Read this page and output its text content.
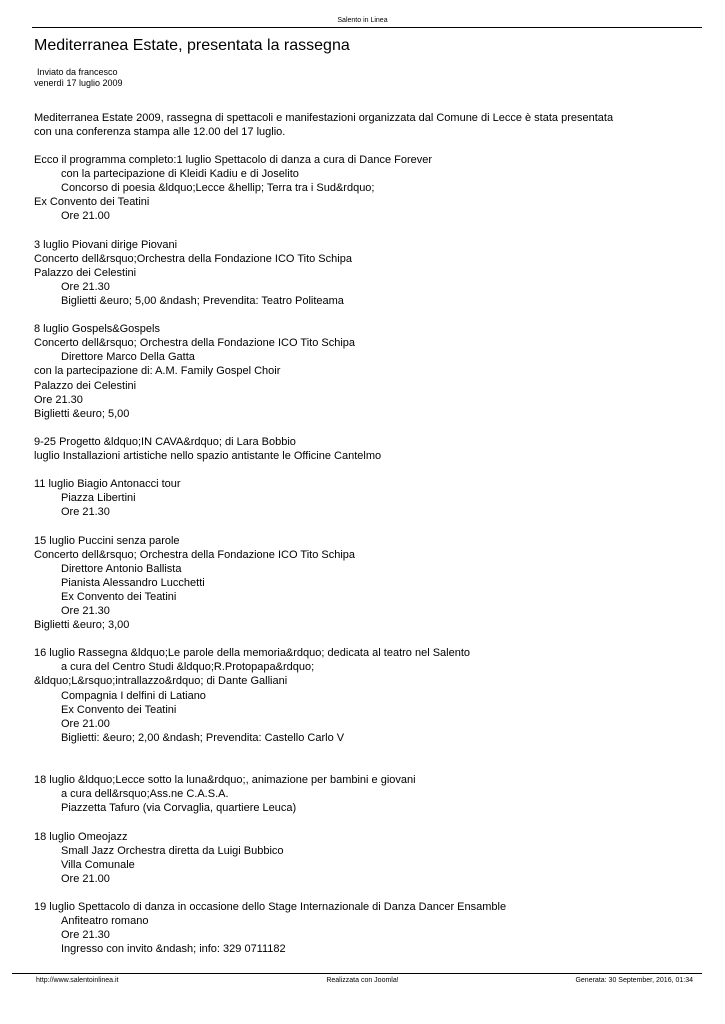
Salento in Linea
Mediterranea Estate, presentata la rassegna
Inviato da francesco
venerdì 17 luglio 2009

Mediterranea Estate 2009, rassegna di spettacoli e manifestazioni organizzata dal Comune di Lecce è stata presentata

con una conferenza stampa alle 12.00 del 17 luglio.

Ecco il programma completo:1 luglio Spettacolo di danza a cura di Dance Forever
con la partecipazione di Kleidi Kadiu e di Joselito
Concorso di poesia &ldquo;Lecce &hellip; Terra tra i Sud&rdquo;
Ex Convento dei Teatini
Ore 21.00
3 luglio Piovani dirige Piovani
Concerto dell&rsquo;Orchestra della Fondazione ICO Tito Schipa
Palazzo dei Celestini
Ore 21.30
Biglietti &euro; 5,00 &ndash; Prevendita: Teatro Politeama
8 luglio Gospels&Gospels
Concerto dell&rsquo; Orchestra della Fondazione ICO Tito Schipa
Direttore Marco Della Gatta
con la partecipazione di: A.M. Family Gospel Choir
Palazzo dei Celestini
Ore 21.30
Biglietti &euro; 5,00
9-25 Progetto &ldquo;IN CAVA&rdquo; di Lara Bobbio
luglio Installazioni artistiche nello spazio antistante le Officine Cantelmo
11 luglio Biagio Antonacci tour
Piazza Libertini
Ore 21.30
15 luglio Puccini senza parole
Concerto dell&rsquo; Orchestra della Fondazione ICO Tito Schipa
Direttore Antonio Ballista
Pianista Alessandro Lucchetti
Ex Convento dei Teatini
Ore 21.30
Biglietti &euro; 3,00
16 luglio Rassegna &ldquo;Le parole della memoria&rdquo; dedicata al teatro nel Salento
a cura del Centro Studi &ldquo;R.Protopapa&rdquo;
&ldquo;L&rsquo;intrallazzo&rdquo; di Dante Galliani
Compagnia I delfini di Latiano
Ex Convento dei Teatini
Ore 21.00
Biglietti: &euro; 2,00 &ndash; Prevendita: Castello Carlo V
18 luglio &ldquo;Lecce sotto la luna&rdquo;, animazione per bambini e giovani
a cura dell&rsquo;Ass.ne C.A.S.A.
Piazzetta Tafuro (via Corvaglia, quartiere Leuca)
18 luglio Omeojazz
Small Jazz Orchestra diretta da Luigi Bubbico
Villa Comunale
Ore 21.00
19 luglio Spettacolo di danza in occasione dello Stage Internazionale di Danza Dancer Ensamble
Anfiteatro romano
Ore 21.30
Ingresso con invito &ndash; info: 329 0711182
http://www.salentoinlinea.it	Realizzata con Joomla!	Generata: 30 September, 2016, 01:34
